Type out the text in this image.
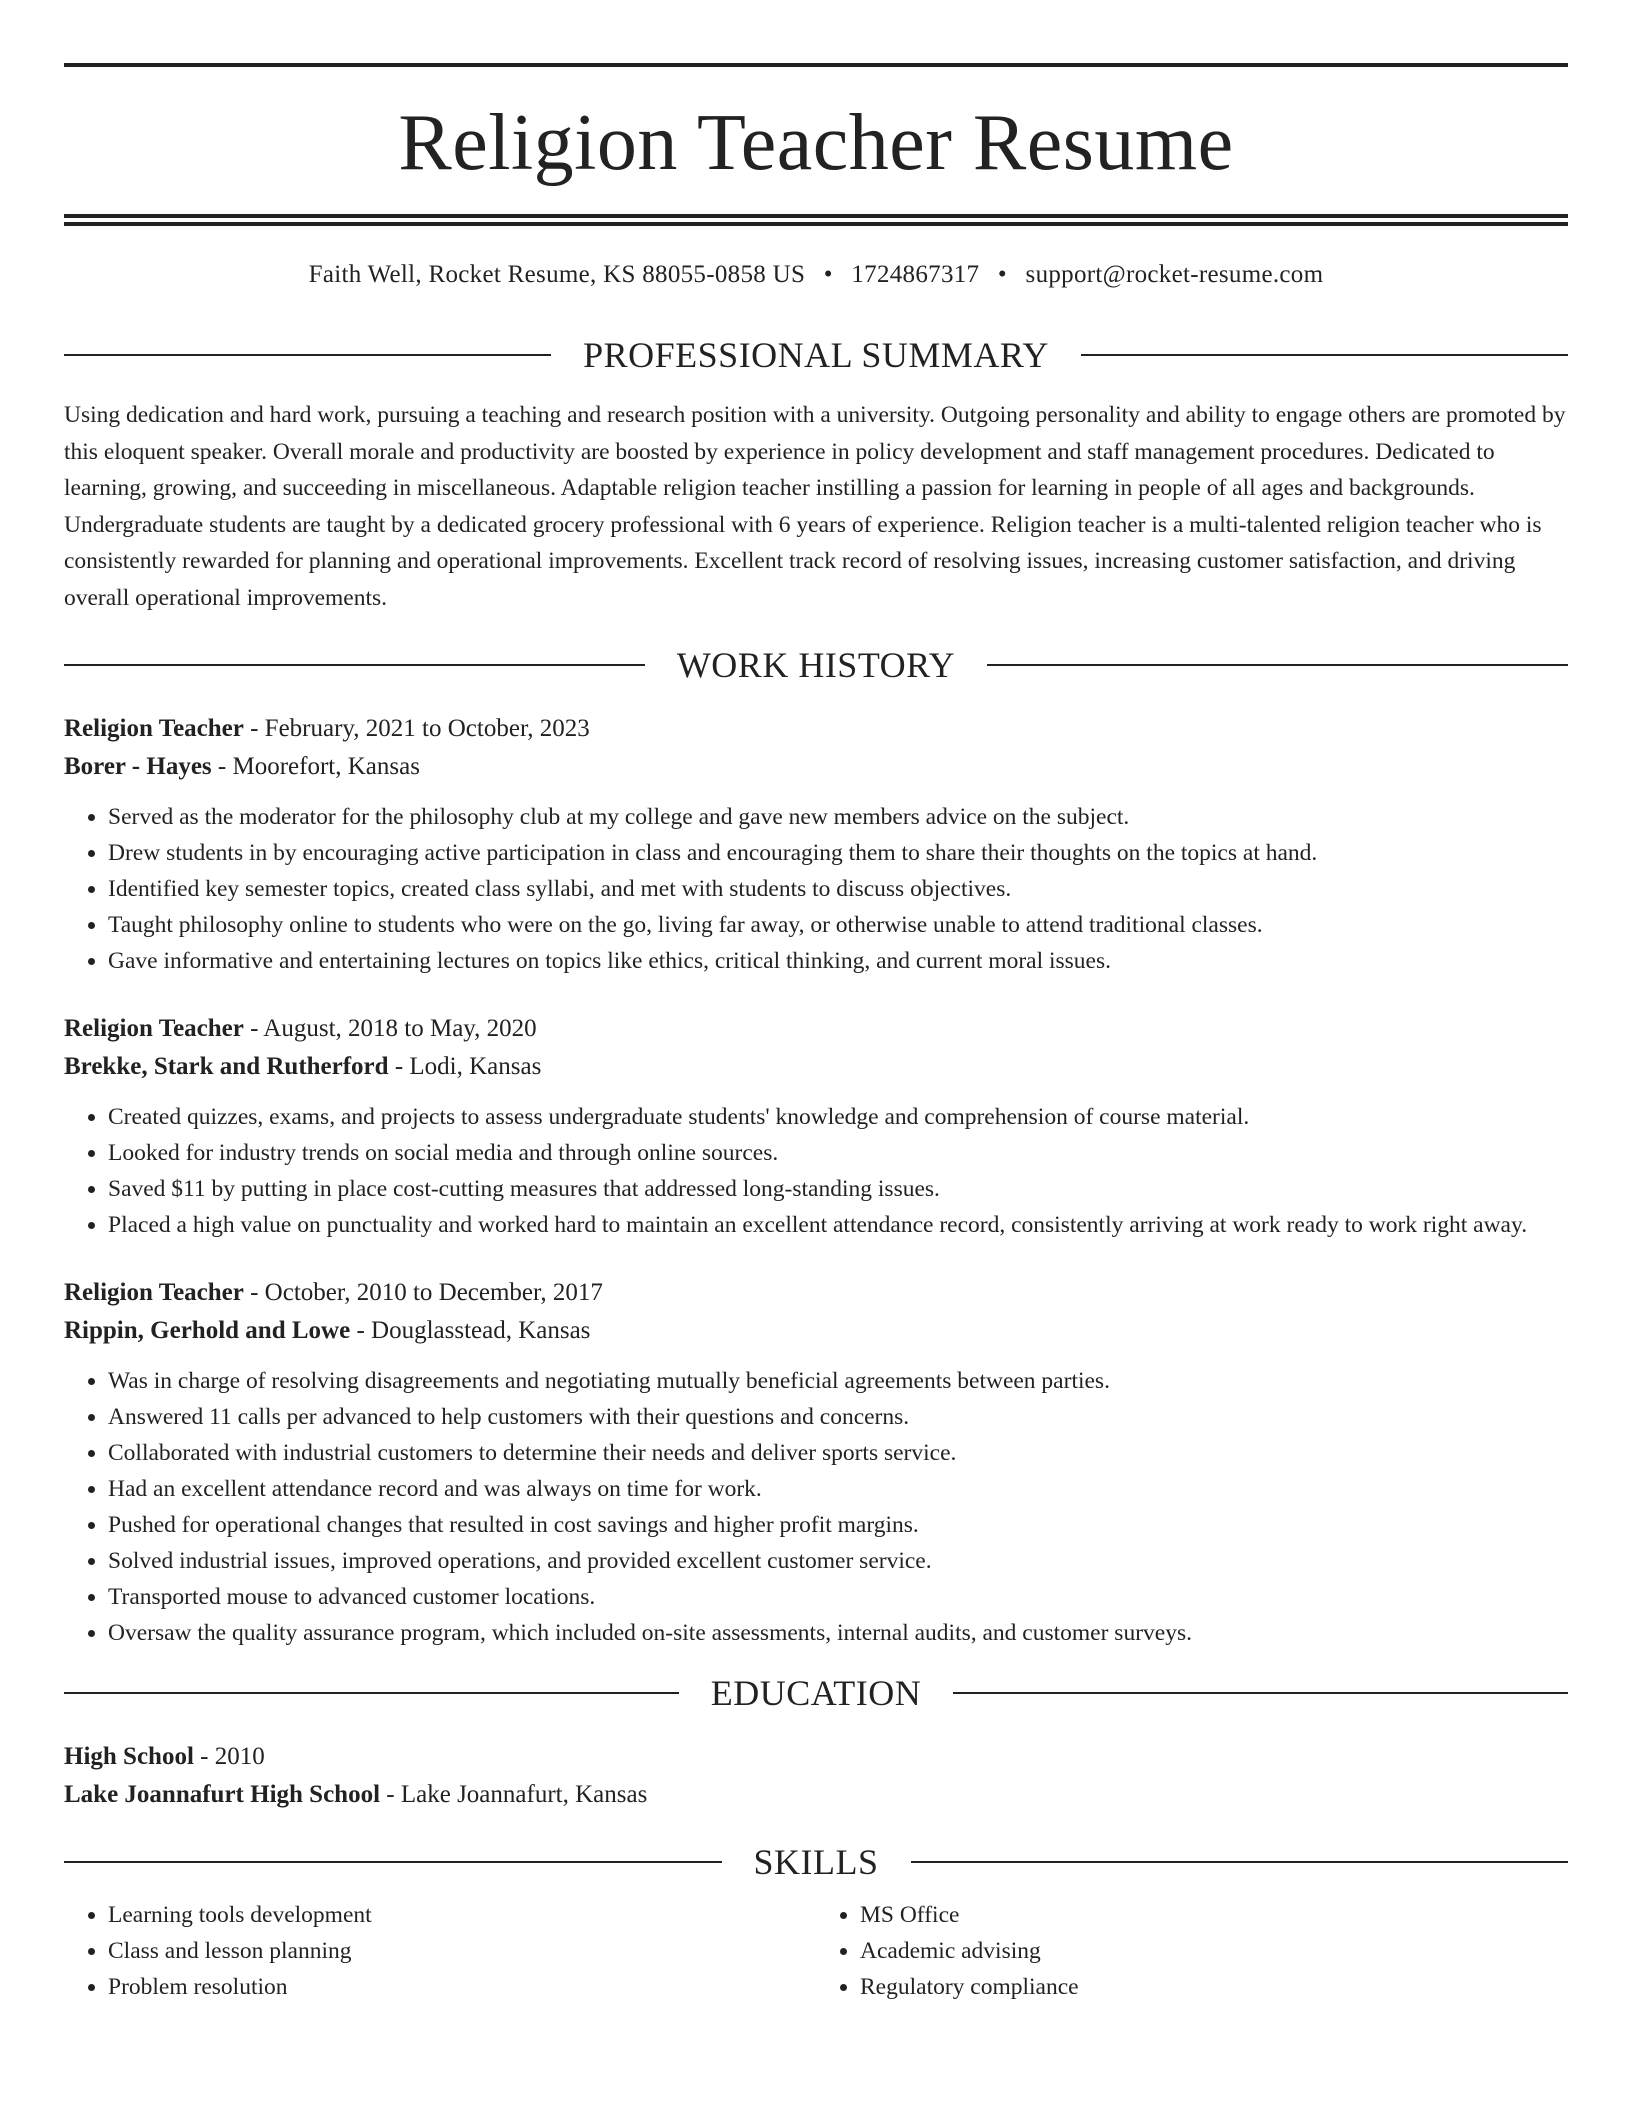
Religion Teacher Resume
Faith Well, Rocket Resume, KS 88055-0858 US • 1724867317 • support@rocket-resume.com
PROFESSIONAL SUMMARY

Using dedication and hard work, pursuing a teaching and research position with a university. Outgoing personality and ability to engage others are promoted by this eloquent speaker. Overall morale and productivity are boosted by experience in policy development and staff management procedures. Dedicated to learning, growing, and succeeding in miscellaneous. Adaptable religion teacher instilling a passion for learning in people of all ages and backgrounds. Undergraduate students are taught by a dedicated grocery professional with 6 years of experience. Religion teacher is a multi-talented religion teacher who is consistently rewarded for planning and operational improvements. Excellent track record of resolving issues, increasing customer satisfaction, and driving overall operational improvements.

WORK HISTORY
Religion Teacher - February, 2021 to October, 2023
Borer - Hayes - Moorefort, Kansas
• Served as the moderator for the philosophy club at my college and gave new members advice on the subject.
• Drew students in by encouraging active participation in class and encouraging them to share their thoughts on the topics at hand.
• Identified key semester topics, created class syllabi, and met with students to discuss objectives.
• Taught philosophy online to students who were on the go, living far away, or otherwise unable to attend traditional classes.
• Gave informative and entertaining lectures on topics like ethics, critical thinking, and current moral issues.
Religion Teacher - August, 2018 to May, 2020
Brekke, Stark and Rutherford - Lodi, Kansas
• Created quizzes, exams, and projects to assess undergraduate students' knowledge and comprehension of course material.
• Looked for industry trends on social media and through online sources.
• Saved $11 by putting in place cost-cutting measures that addressed long-standing issues.
• Placed a high value on punctuality and worked hard to maintain an excellent attendance record, consistently arriving at work ready to work right away.
Religion Teacher - October, 2010 to December, 2017
Rippin, Gerhold and Lowe - Douglasstead, Kansas
• Was in charge of resolving disagreements and negotiating mutually beneficial agreements between parties.
• Answered 11 calls per advanced to help customers with their questions and concerns.
• Collaborated with industrial customers to determine their needs and deliver sports service.
• Had an excellent attendance record and was always on time for work.
• Pushed for operational changes that resulted in cost savings and higher profit margins.
• Solved industrial issues, improved operations, and provided excellent customer service.
• Transported mouse to advanced customer locations.
• Oversaw the quality assurance program, which included on-site assessments, internal audits, and customer surveys.
EDUCATION
High School - 2010
Lake Joannafurt High School - Lake Joannafurt, Kansas
SKILLS
• Learning tools development
• Class and lesson planning
• Problem resolution
• MS Office
• Academic advising
• Regulatory compliance
